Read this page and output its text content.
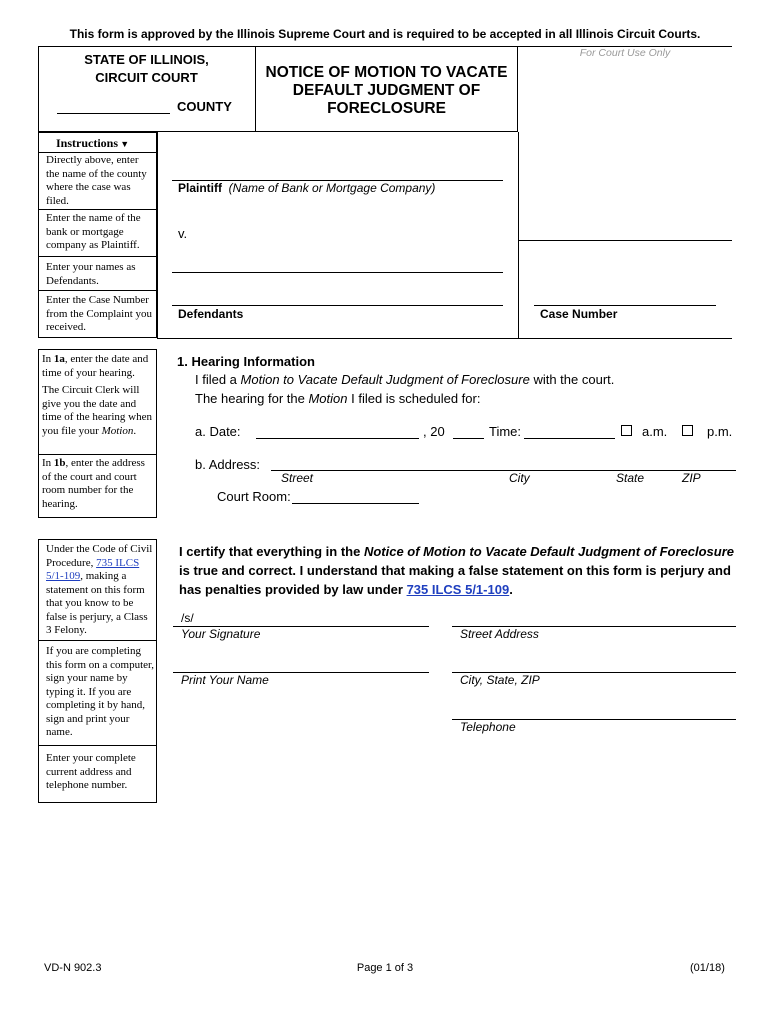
This form is approved by the Illinois Supreme Court and is required to be accepted in all Illinois Circuit Courts.
STATE OF ILLINOIS,
CIRCUIT COURT
COUNTY
NOTICE OF MOTION TO VACATE
DEFAULT JUDGMENT OF
FORECLOSURE
For Court Use Only
Instructions ▼
Directly above, enter the name of the county where the case was filed.
Enter the name of the bank or mortgage company as Plaintiff.
Enter your names as Defendants.
Enter the Case Number from the Complaint you received.
Plaintiff (Name of Bank or Mortgage Company)
v.
Defendants	Case Number
In 1a, enter the date and time of your hearing.
The Circuit Clerk will give you the date and time of the hearing when you file your Motion.
In 1b, enter the address of the court and court room number for the hearing.
1. Hearing Information
I filed a Motion to Vacate Default Judgment of Foreclosure with the court.
The hearing for the Motion I filed is scheduled for:
a. Date:	, 20	Time:	a.m.	p.m.
b. Address:
Street	City	State	ZIP
Court Room:
Under the Code of Civil Procedure, 735 ILCS 5/1-109, making a statement on this form that you know to be false is perjury, a Class 3 Felony.
If you are completing this form on a computer, sign your name by typing it. If you are completing it by hand, sign and print your name.
Enter your complete current address and telephone number.
I certify that everything in the Notice of Motion to Vacate Default Judgment of Foreclosure
is true and correct. I understand that making a false statement on this form is perjury and
has penalties provided by law under 735 ILCS 5/1-109.
/s/
Your Signature	Street Address
Print Your Name	City, State, ZIP
Telephone
VD-N 902.3	Page 1 of 3	(01/18)
